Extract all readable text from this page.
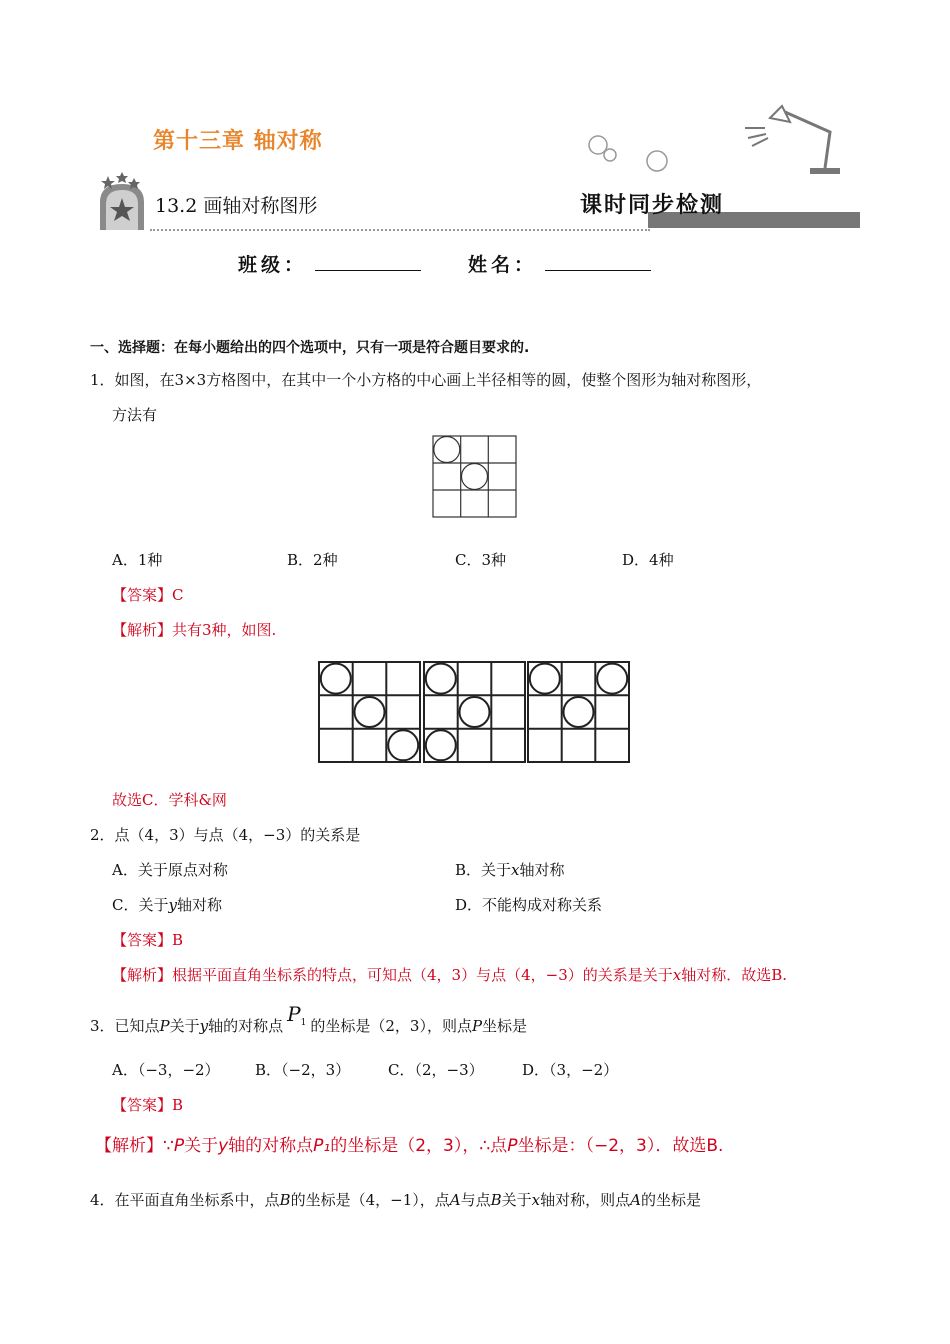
第十三章 轴对称
13.2 画轴对称图形	课时同步检测
班级：	姓名：
一、选择题：在每小题给出的四个选项中，只有一项是符合题目要求的.
1．如图，在3×3方格图中，在其中一个小方格的中心画上半径相等的圆，使整个图形为轴对称图形，
方法有
A．1种	B．2种	C．3种	D．4种
【答案】C
【解析】共有3种，如图.
故选C．学科&网
2．点（4，3）与点（4，−3）的关系是
A．关于原点对称	B．关于x轴对称
C．关于y轴对称	D．不能构成对称关系
【答案】B
【解析】根据平面直角坐标系的特点，可知点（4，3）与点（4，−3）的关系是关于x轴对称．故选B.
3．已知点P关于y轴的对称点 $P^1$ 的坐标是（2，3），则点P坐标是
A．（−3，−2） B．（−2，3）	C．（2，−3）	D．（3，−2）
【答案】B
【解析】∵P关于y轴的对称点P₁的坐标是（2，3），∴点P坐标是：（−2，3）．故选B.
4．在平面直角坐标系中，点B的坐标是（4，−1），点A与点B关于x轴对称，则点A的坐标是
